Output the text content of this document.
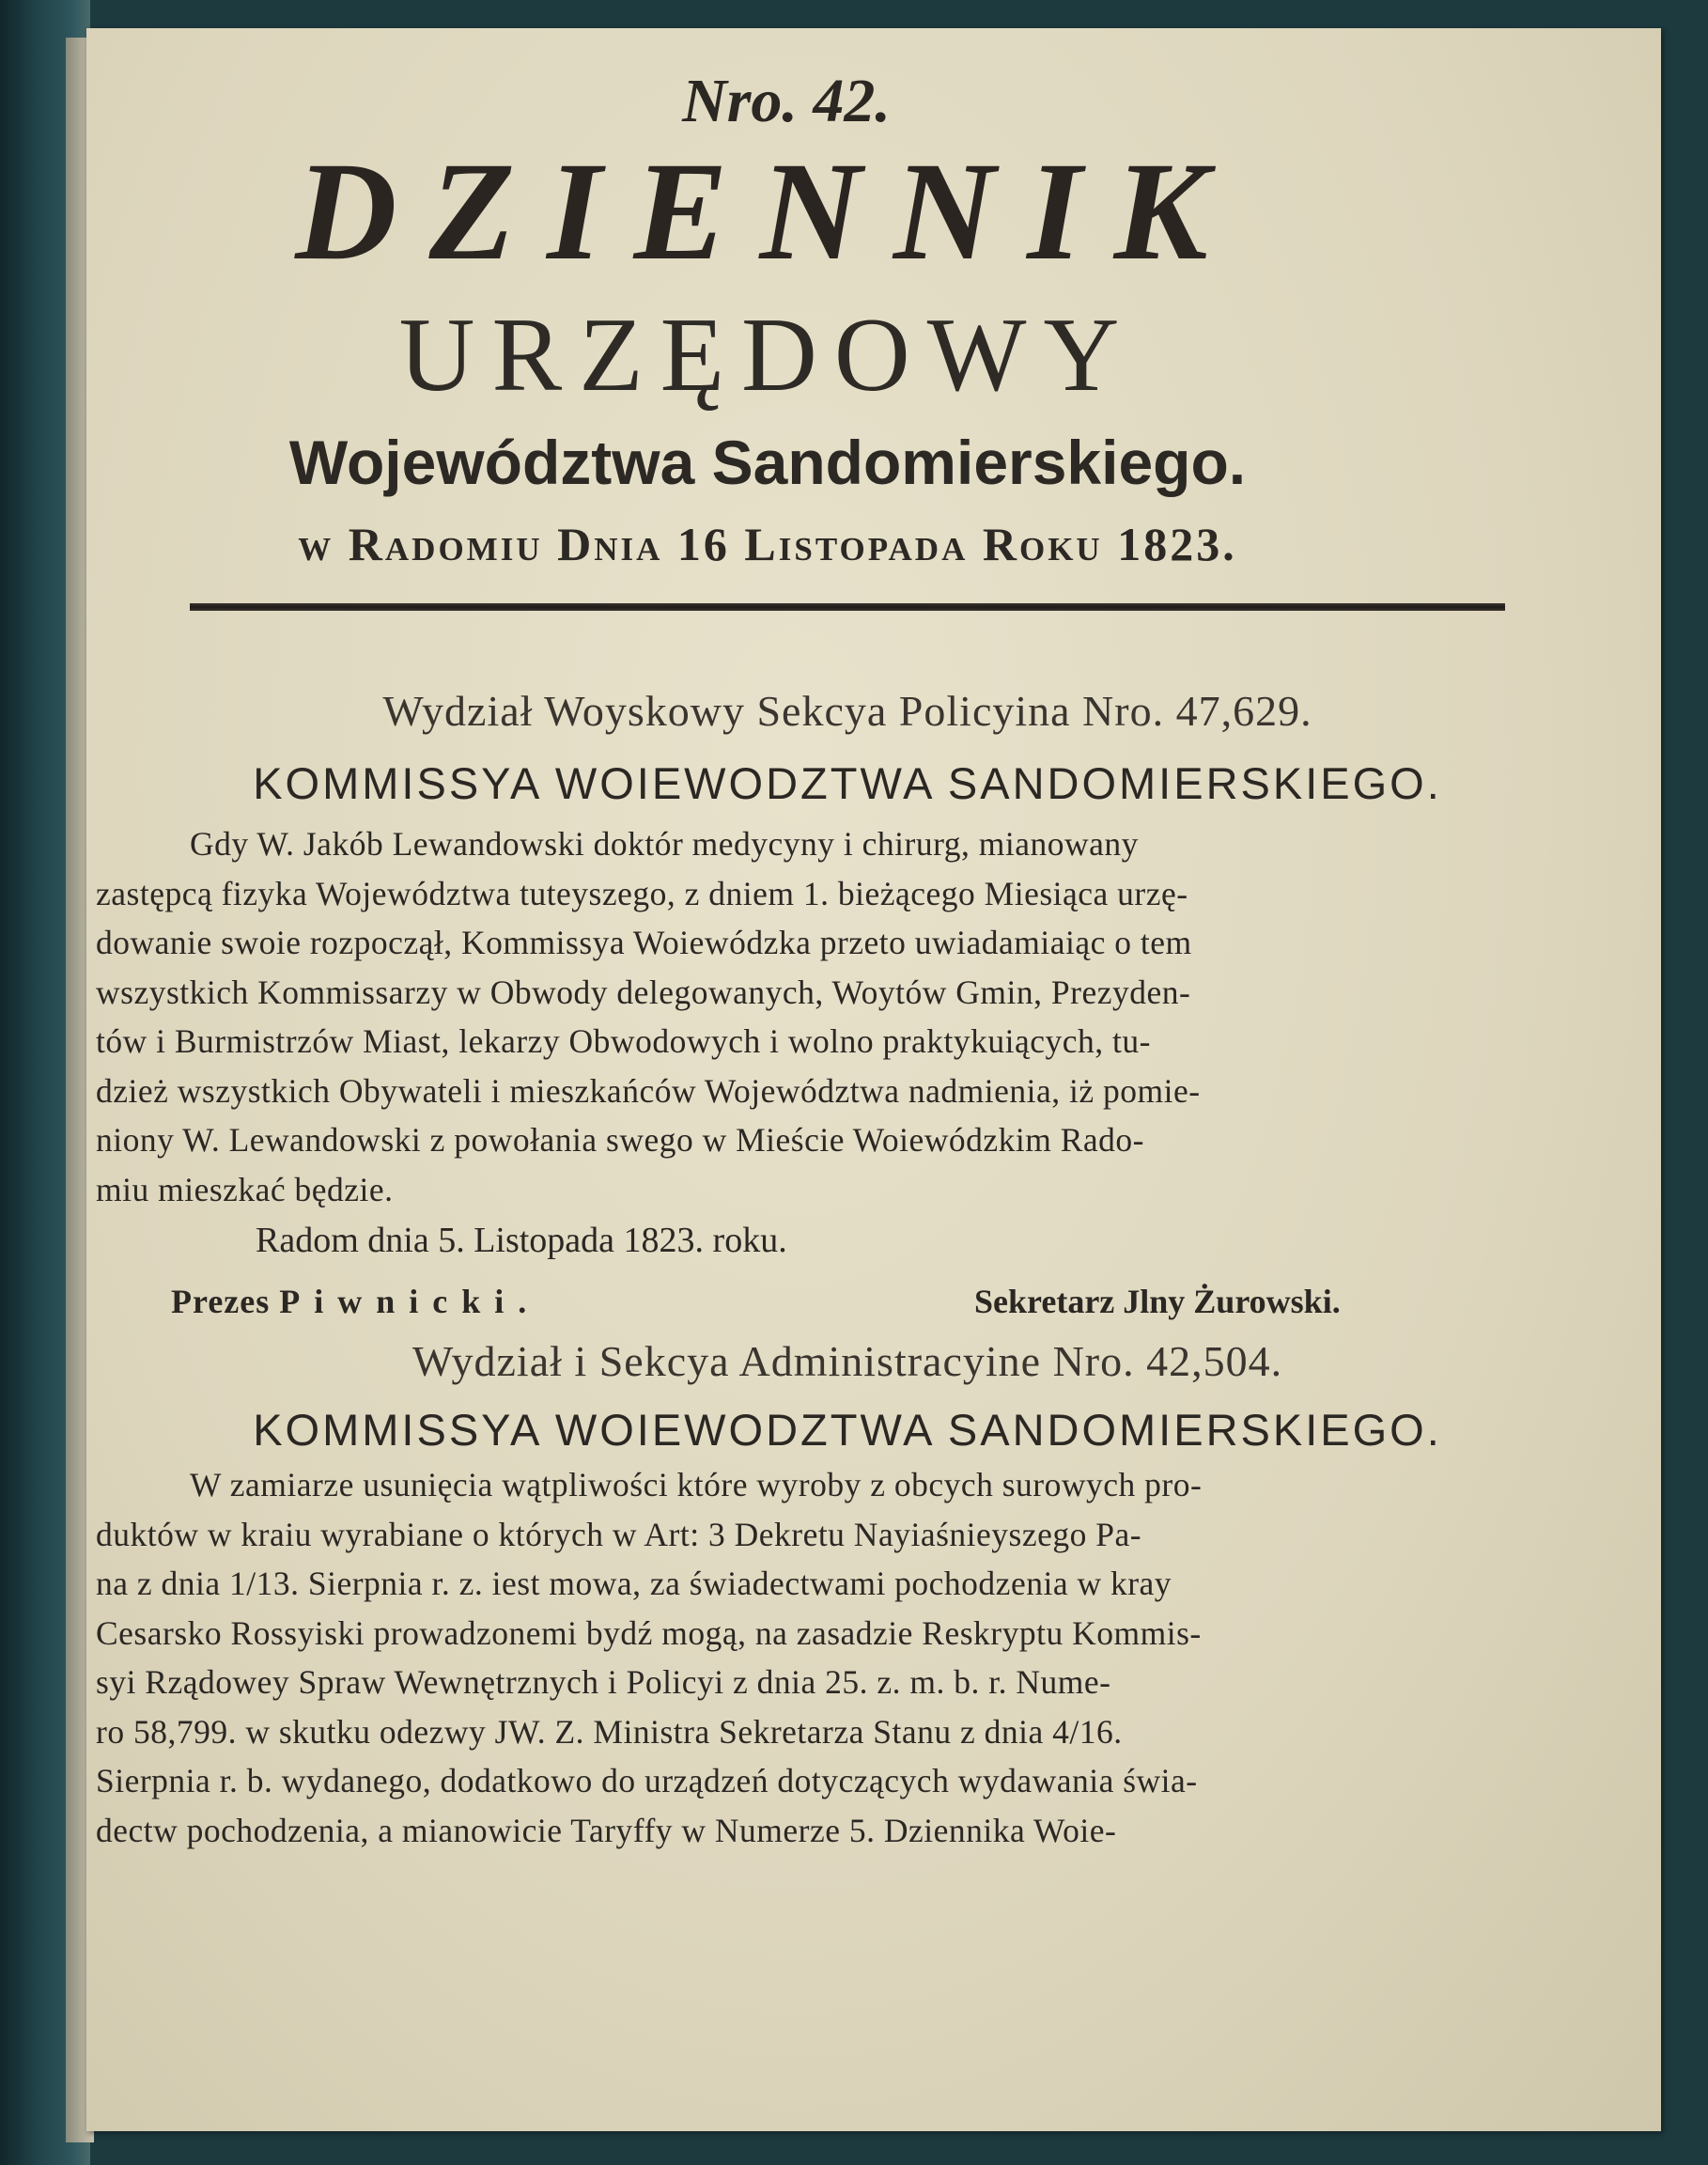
Nro. 42.
DZIENNIK
URZĘDOWY
Województwa Sandomierskiego.
w Radomiu Dnia 16 Listopada Roku 1823.
Wydział Woyskowy Sekcya Policyina Nro. 47,629.
KOMMISSYA WOIEWODZTWA SANDOMIERSKIEGO.
Gdy W. Jakób Lewandowski doktór medycyny i chirurg, mianowany
zastępcą fizyka Województwa tuteyszego, z dniem 1. bieżącego Miesiąca urzę-
dowanie swoie rozpoczął, Kommissya Woiewódzka przeto uwiadamiaiąc o tem
wszystkich Kommissarzy w Obwody delegowanych, Woytów Gmin, Prezyden-
tów i Burmistrzów Miast, lekarzy Obwodowych i wolno praktykuiących, tu-
dzież wszystkich Obywateli i mieszkańców Województwa nadmienia, iż pomie-
niony W. Lewandowski z powołania swego w Mieście Woiewódzkim Rado-
miu mieszkać będzie.
Radom dnia 5. Listopada 1823. roku.
Prezes Piwnicki.	Sekretarz Jlny Żurowski.
Wydział i Sekcya Administracyine Nro. 42,504.
KOMMISSYA WOIEWODZTWA SANDOMIERSKIEGO.
W zamiarze usunięcia wątpliwości które wyroby z obcych surowych pro-
duktów w kraiu wyrabiane o których w Art: 3 Dekretu Nayiaśnieyszego Pa-
na z dnia 1/13. Sierpnia r. z. iest mowa, za świadectwami pochodzenia w kray
Cesarsko Rossyiski prowadzonemi bydź mogą, na zasadzie Reskryptu Kommis-
syi Rządowey Spraw Wewnętrznych i Policyi z dnia 25. z. m. b. r. Nume-
ro 58,799. w skutku odezwy JW. Z. Ministra Sekretarza Stanu z dnia 4/16.
Sierpnia r. b. wydanego, dodatkowo do urządzeń dotyczących wydawania świa-
dectw pochodzenia, a mianowicie Taryffy w Numerze 5. Dziennika Woie-
